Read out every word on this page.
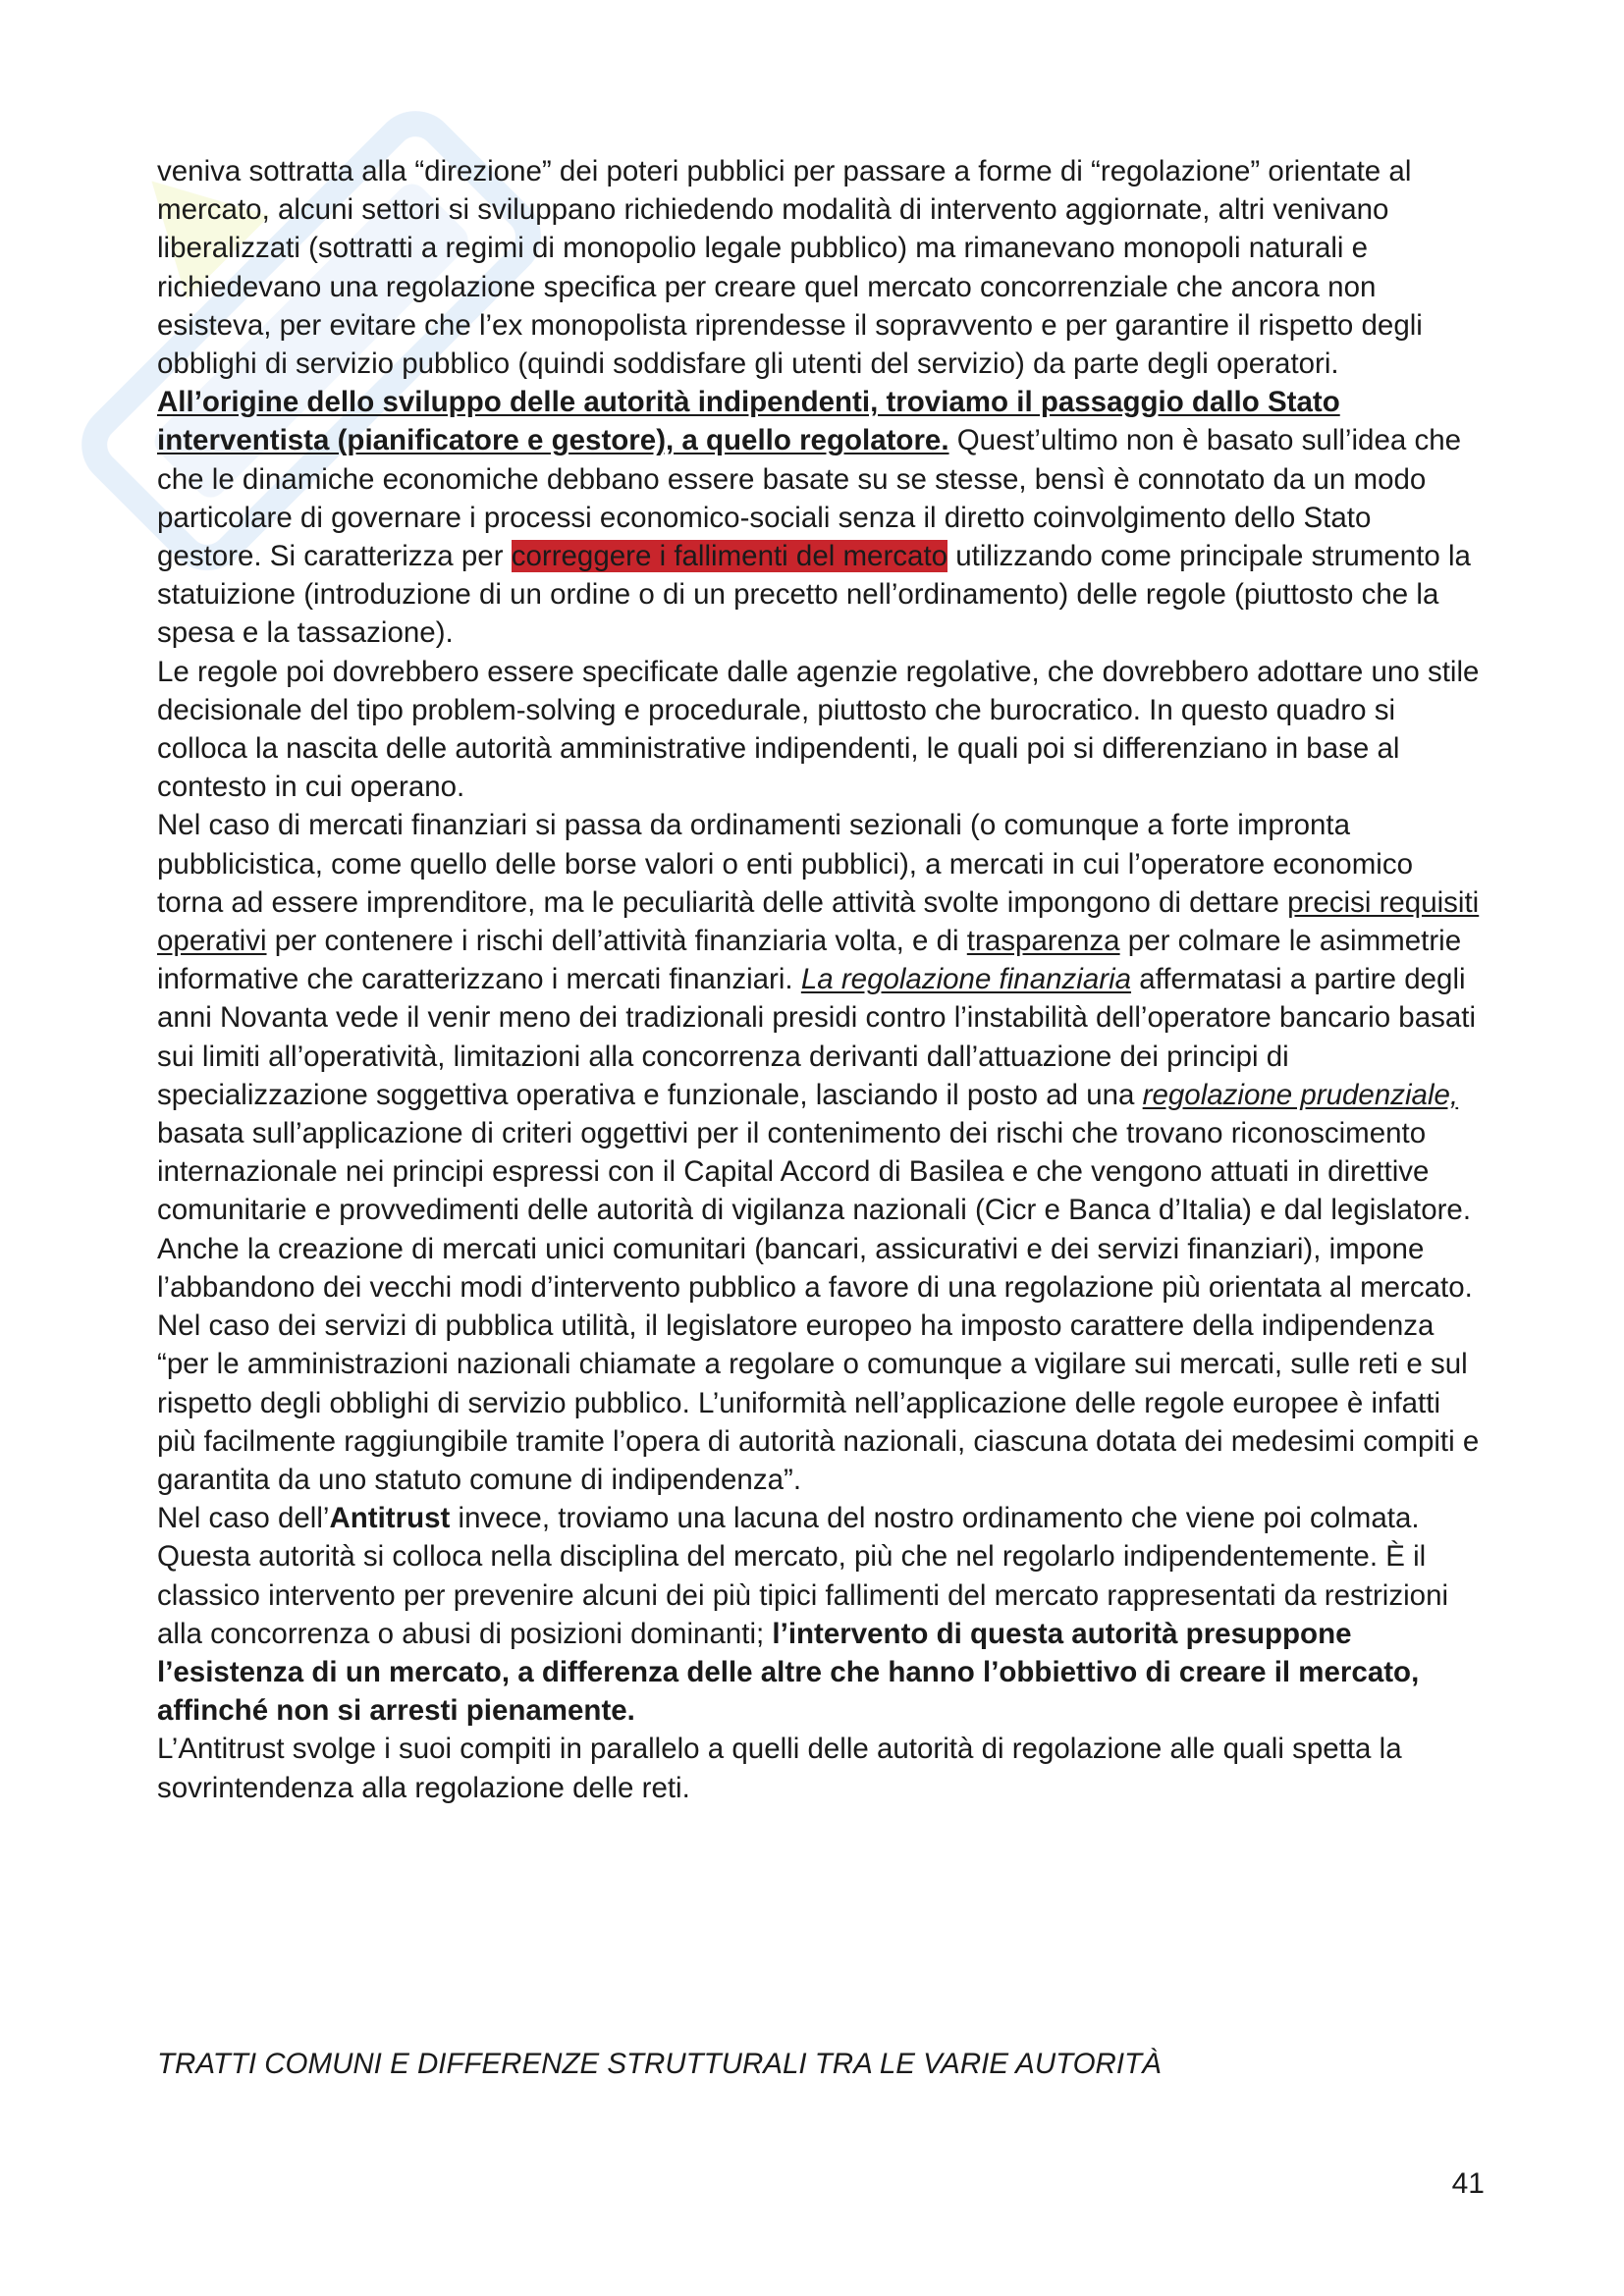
veniva sottratta alla “direzione” dei poteri pubblici per passare a forme di “regolazione” orientate al mercato, alcuni settori si sviluppano richiedendo modalità di intervento aggiornate, altri venivano liberalizzati (sottratti a regimi di monopolio legale pubblico) ma rimanevano monopoli naturali e richiedevano una regolazione specifica per creare quel mercato concorrenziale che ancora non esisteva, per evitare che l’ex monopolista riprendesse il sopravvento e per garantire il rispetto degli obblighi di servizio pubblico (quindi soddisfare gli utenti del servizio) da parte degli operatori.

All’origine dello sviluppo delle autorità indipendenti, troviamo il passaggio dallo Stato interventista (pianificatore e gestore), a quello regolatore. Quest’ultimo non è basato sull’idea che che le dinamiche economiche debbano essere basate su se stesse, bensì è connotato da un modo particolare di governare i processi economico-sociali senza il diretto coinvolgimento dello Stato gestore. Si caratterizza per correggere i fallimenti del mercato utilizzando come principale strumento la statuizione (introduzione di un ordine o di un precetto nell’ordinamento) delle regole (piuttosto che la spesa e la tassazione).

Le regole poi dovrebbero essere specificate dalle agenzie regolative, che dovrebbero adottare uno stile decisionale del tipo problem-solving e procedurale, piuttosto che burocratico. In questo quadro si colloca la nascita delle autorità amministrative indipendenti, le quali poi si differenziano in base al contesto in cui operano.

Nel caso di mercati finanziari si passa da ordinamenti sezionali (o comunque a forte impronta pubblicistica, come quello delle borse valori o enti pubblici), a mercati in cui l’operatore economico torna ad essere imprenditore, ma le peculiarità delle attività svolte impongono di dettare precisi requisiti operativi per contenere i rischi dell’attività finanziaria volta, e di trasparenza per colmare le asimmetrie informative che caratterizzano i mercati finanziari. La regolazione finanziaria affermatasi a partire degli anni Novanta vede il venir meno dei tradizionali presidi contro l’instabilità dell’operatore bancario basati sui limiti all’operatività, limitazioni alla concorrenza derivanti dall’attuazione dei principi di specializzazione soggettiva operativa e funzionale, lasciando il posto ad una regolazione prudenziale, basata sull’applicazione di criteri oggettivi per il contenimento dei rischi che trovano riconoscimento internazionale nei principi espressi con il Capital Accord di Basilea e che vengono attuati in direttive comunitarie e provvedimenti delle autorità di vigilanza nazionali (Cicr e Banca d’Italia) e dal legislatore. Anche la creazione di mercati unici comunitari (bancari, assicurativi e dei servizi finanziari), impone l’abbandono dei vecchi modi d’intervento pubblico a favore di una regolazione più orientata al mercato.

Nel caso dei servizi di pubblica utilità, il legislatore europeo ha imposto carattere della indipendenza “per le amministrazioni nazionali chiamate a regolare o comunque a vigilare sui mercati, sulle reti e sul rispetto degli obblighi di servizio pubblico. L’uniformità nell’applicazione delle regole europee è infatti più facilmente raggiungibile tramite l’opera di autorità nazionali, ciascuna dotata dei medesimi compiti e garantita da uno statuto comune di indipendenza”.

Nel caso dell’Antitrust invece, troviamo una lacuna del nostro ordinamento che viene poi colmata. Questa autorità si colloca nella disciplina del mercato, più che nel regolarlo indipendentemente. È il classico intervento per prevenire alcuni dei più tipici fallimenti del mercato rappresentati da restrizioni alla concorrenza o abusi di posizioni dominanti; l’intervento di questa autorità presuppone l’esistenza di un mercato, a differenza delle altre che hanno l’obbiettivo di creare il mercato, affinché non si arresti pienamente.

L’Antitrust svolge i suoi compiti in parallelo a quelli delle autorità di regolazione alle quali spetta la sovrintendenza alla regolazione delle reti.

TRATTI COMUNI E DIFFERENZE STRUTTURALI TRA LE VARIE AUTORITÀ

41
